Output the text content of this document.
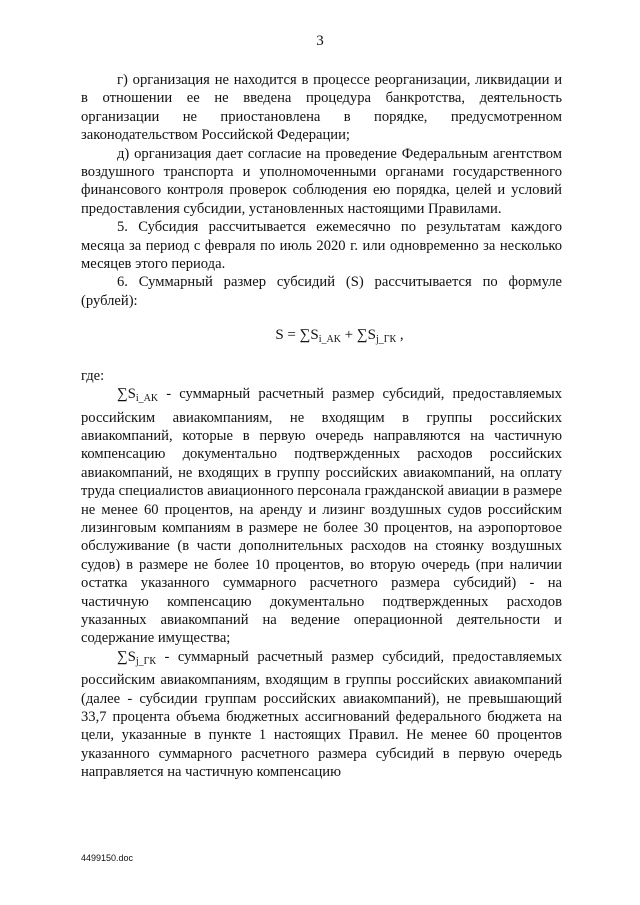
3

г) организация не находится в процессе реорганизации, ликвидации и в отношении ее не введена процедура банкротства, деятельность организации не приостановлена в порядке, предусмотренном законодательством Российской Федерации;

д) организация дает согласие на проведение Федеральным агентством воздушного транспорта и уполномоченными органами государственного финансового контроля проверок соблюдения ею порядка, целей и условий предоставления субсидии, установленных настоящими Правилами.

5. Субсидия рассчитывается ежемесячно по результатам каждого месяца за период с февраля по июль 2020 г. или одновременно за несколько месяцев этого периода.

6. Суммарный размер субсидий (S) рассчитывается по формуле (рублей):

$S = \sum S_{i\_AK} + \sum S_{j\_ГК}$ ,

где:

$\sum S_{i\_AK}$ - суммарный расчетный размер субсидий, предоставляемых российским авиакомпаниям, не входящим в группы российских авиакомпаний, которые в первую очередь направляются на частичную компенсацию документально подтвержденных расходов российских авиакомпаний, не входящих в группу российских авиакомпаний, на оплату труда специалистов авиационного персонала гражданской авиации в размере не менее 60 процентов, на аренду и лизинг воздушных судов российским лизинговым компаниям в размере не более 30 процентов, на аэропортовое обслуживание (в части дополнительных расходов на стоянку воздушных судов) в размере не более 10 процентов, во вторую очередь (при наличии остатка указанного суммарного расчетного размера субсидий) - на частичную компенсацию документально подтвержденных расходов указанных авиакомпаний на ведение операционной деятельности и содержание имущества;

$\sum S_{j\_ГК}$ - суммарный расчетный размер субсидий, предоставляемых российским авиакомпаниям, входящим в группы российских авиакомпаний (далее - субсидии группам российских авиакомпаний), не превышающий 33,7 процента объема бюджетных ассигнований федерального бюджета на цели, указанные в пункте 1 настоящих Правил. Не менее 60 процентов указанного суммарного расчетного размера субсидий в первую очередь направляется на частичную компенсацию

4499150.doc
